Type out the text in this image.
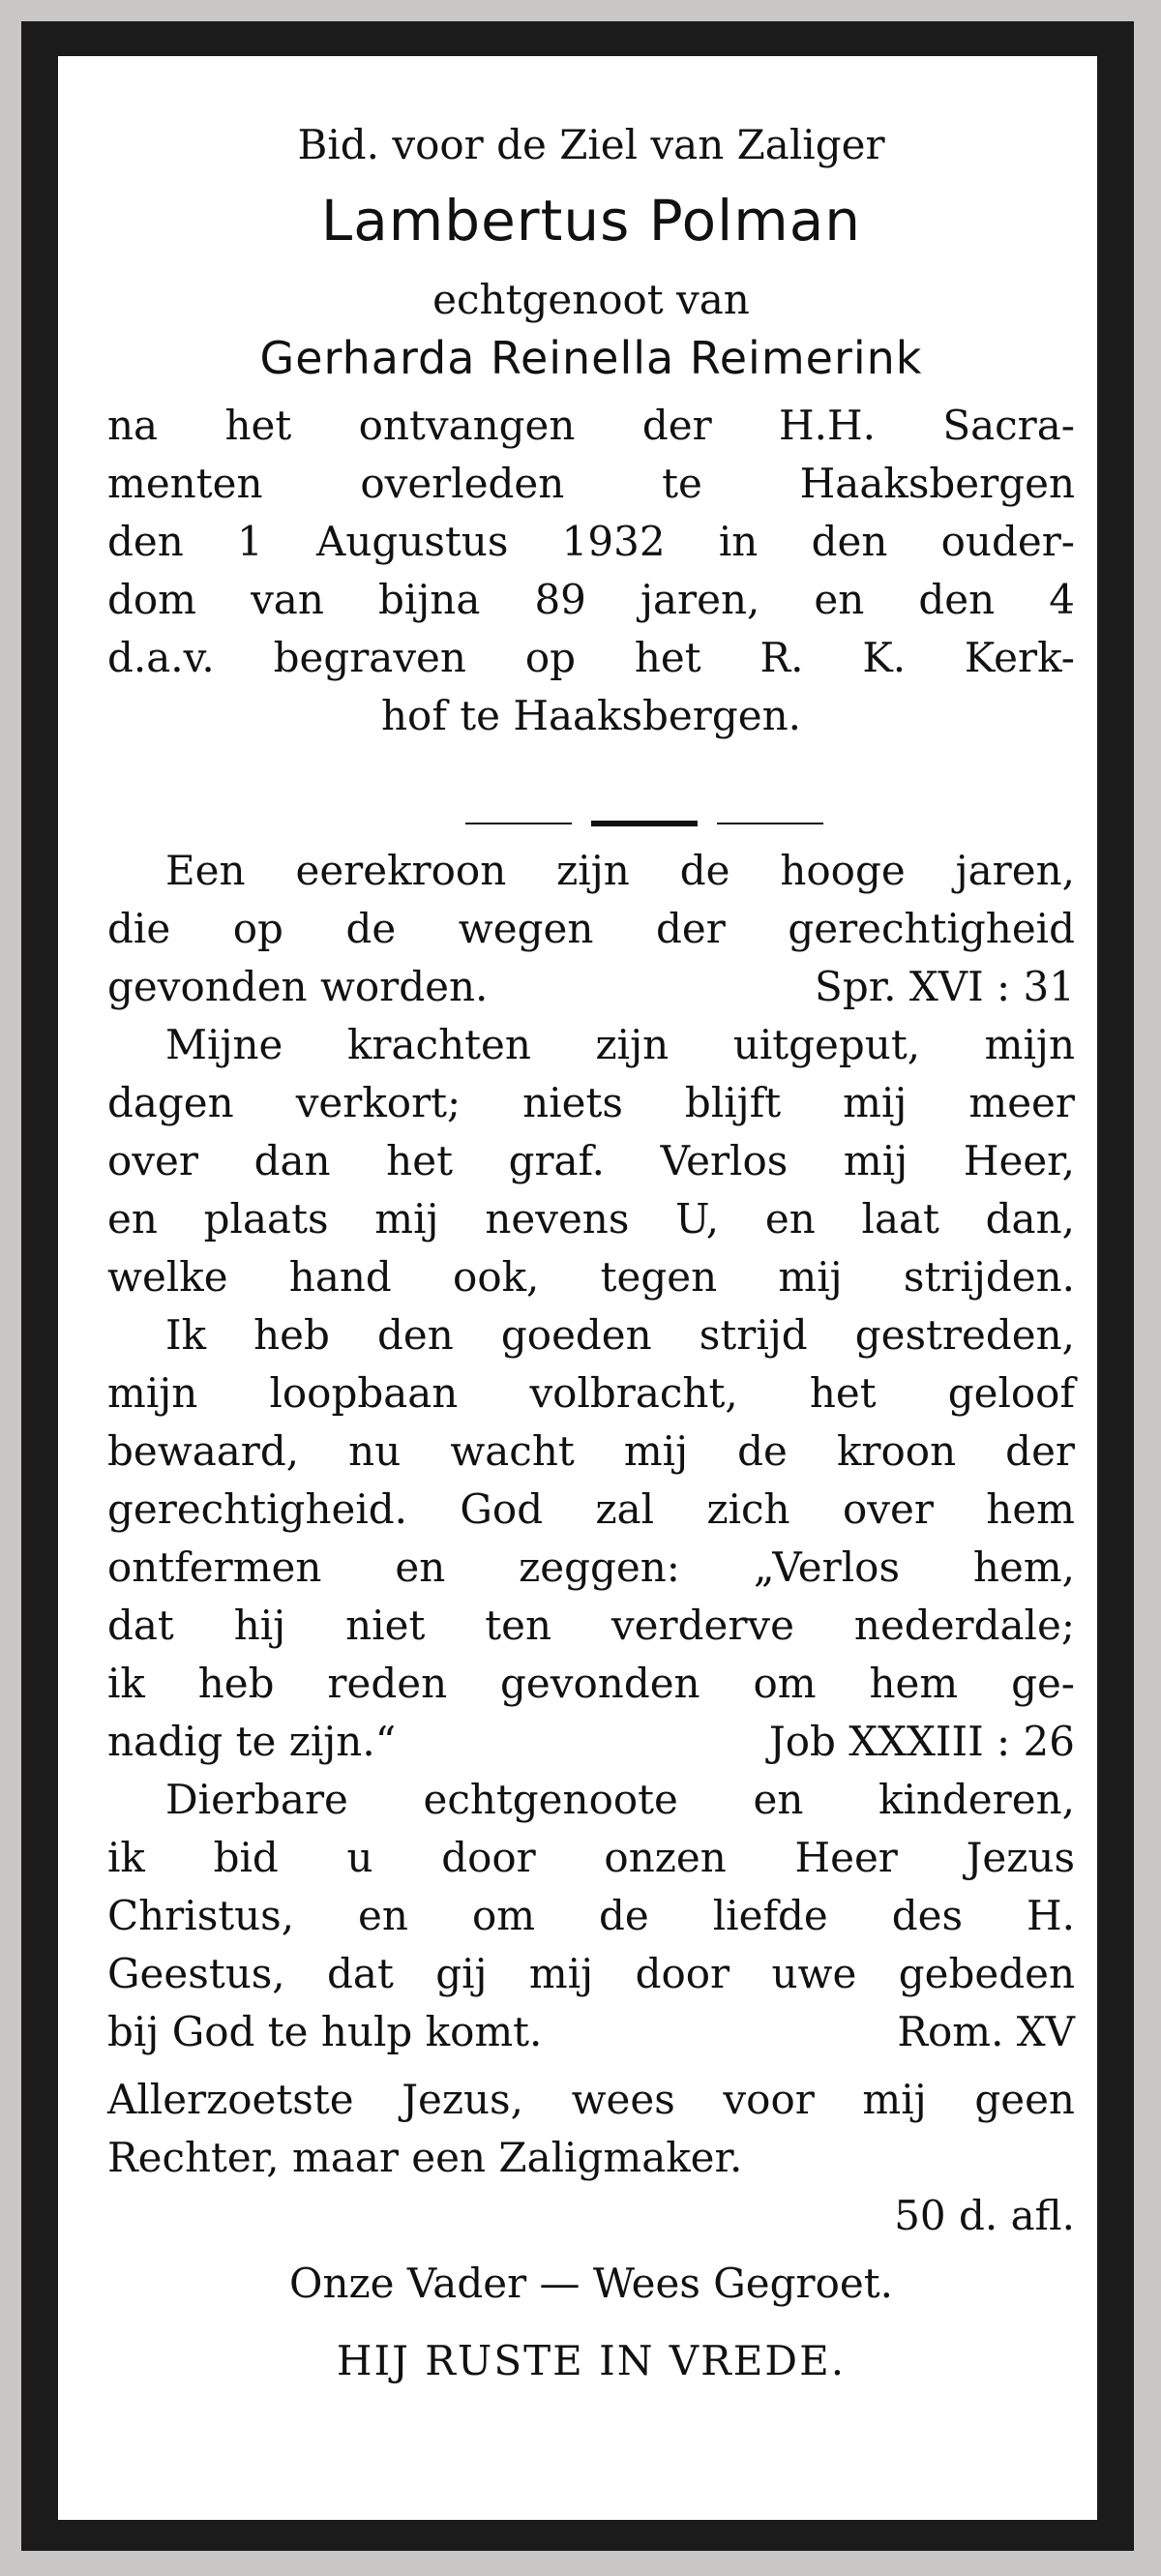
Bid. voor de Ziel van Zaliger
Lambertus Polman
echtgenoot van
Gerharda Reinella Reimerink
na het ontvangen der H.H. Sacra-
menten overleden te Haaksbergen
den 1 Augustus 1932 in den ouder-
dom van bijna 89 jaren, en den 4
d.a.v. begraven op het R. K. Kerk-
hof te Haaksbergen.
Een eerekroon zijn de hooge jaren,
die op de wegen der gerechtigheid
gevonden worden.	Spr. XVI : 31
Mijne krachten zijn uitgeput, mijn
dagen verkort; niets blijft mij meer
over dan het graf. Verlos mij Heer,
en plaats mij nevens U, en laat dan,
welke hand ook, tegen mij strijden.
Ik heb den goeden strijd gestreden,
mijn loopbaan volbracht, het geloof
bewaard, nu wacht mij de kroon der
gerechtigheid. God zal zich over hem
ontfermen en zeggen: „Verlos hem,
dat hij niet ten verderve nederdale;
ik heb reden gevonden om hem ge-
nadig te zijn.“	Job XXXIII : 26
Dierbare echtgenoote en kinderen,
ik bid u door onzen Heer Jezus
Christus, en om de liefde des H.
Geestus, dat gij mij door uwe gebeden
bij God te hulp komt.	Rom. XV
Allerzoetste Jezus, wees voor mij geen
Rechter, maar een Zaligmaker.
50 d. afl.
Onze Vader — Wees Gegroet.
HIJ RUSTE IN VREDE.
